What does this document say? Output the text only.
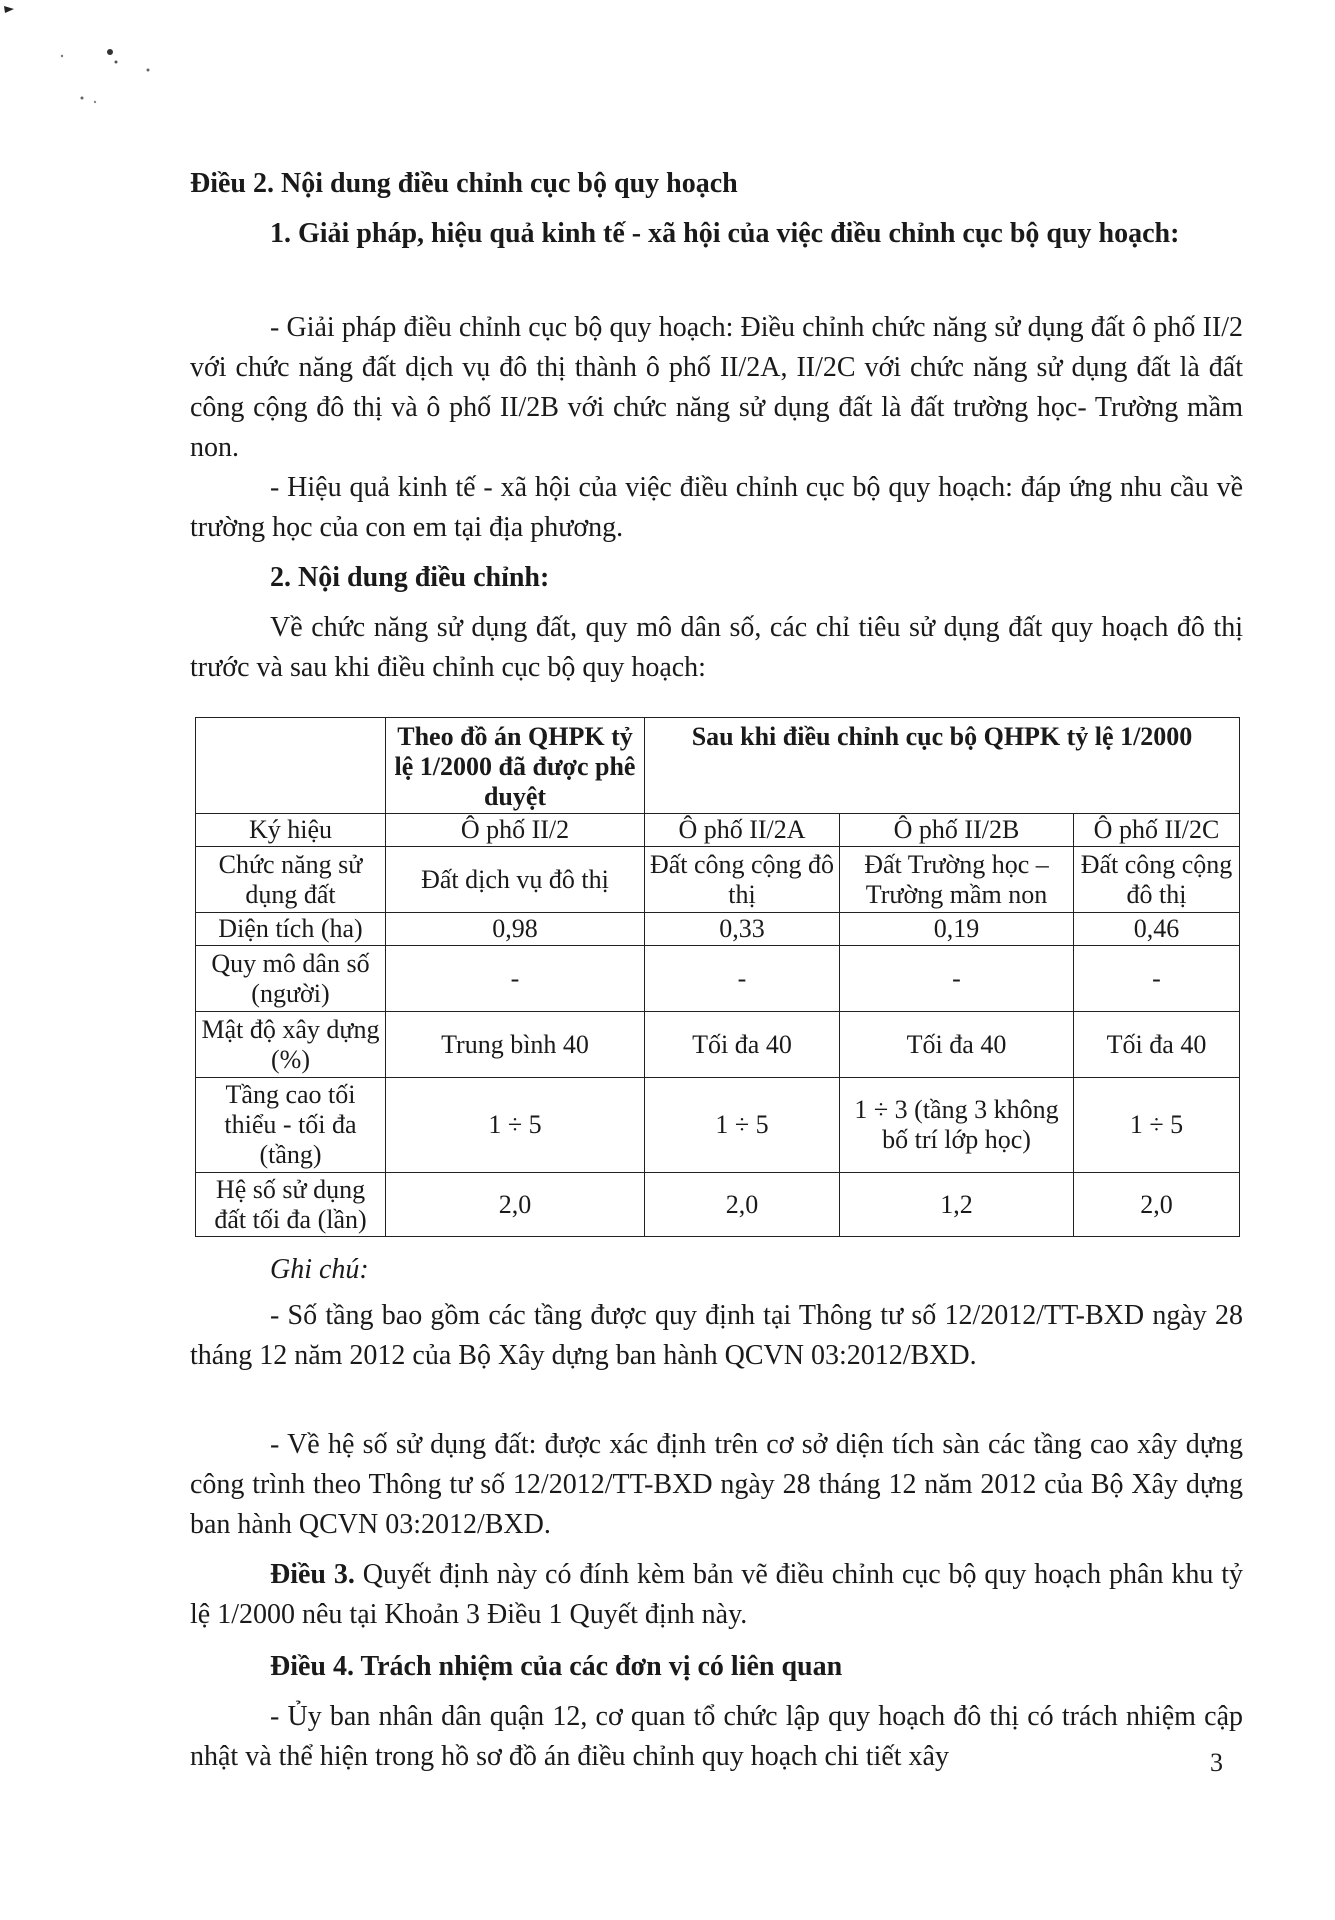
Điều 2. Nội dung điều chỉnh cục bộ quy hoạch
1. Giải pháp, hiệu quả kinh tế - xã hội của việc điều chỉnh cục bộ quy hoạch:
- Giải pháp điều chỉnh cục bộ quy hoạch: Điều chỉnh chức năng sử dụng đất ô phố II/2 với chức năng đất dịch vụ đô thị thành ô phố II/2A, II/2C với chức năng sử dụng đất là đất công cộng đô thị và ô phố II/2B với chức năng sử dụng đất là đất trường học- Trường mầm non.
- Hiệu quả kinh tế - xã hội của việc điều chỉnh cục bộ quy hoạch: đáp ứng nhu cầu về trường học của con em tại địa phương.
2. Nội dung điều chỉnh:
Về chức năng sử dụng đất, quy mô dân số, các chỉ tiêu sử dụng đất quy hoạch đô thị trước và sau khi điều chỉnh cục bộ quy hoạch:
	Theo đồ án QHPK tỷ lệ 1/2000 đã được phê duyệt	Sau khi điều chỉnh cục bộ QHPK tỷ lệ 1/2000		
Ký hiệu	Ô phố II/2	Ô phố II/2A	Ô phố II/2B	Ô phố II/2C
Chức năng sử dụng đất	Đất dịch vụ đô thị	Đất công cộng đô thị	Đất Trường học – Trường mầm non	Đất công cộng đô thị
Diện tích (ha)	0,98	0,33	0,19	0,46
Quy mô dân số (người)	-	-	-	-
Mật độ xây dựng (%)	Trung bình 40	Tối đa 40	Tối đa 40	Tối đa 40
Tầng cao tối thiểu - tối đa (tầng)	1 ÷ 5	1 ÷ 5	1 ÷ 3 (tầng 3 không bố trí lớp học)	1 ÷ 5
Hệ số sử dụng đất tối đa (lần)	2,0	2,0	1,2	2,0
Ghi chú:
- Số tầng bao gồm các tầng được quy định tại Thông tư số 12/2012/TT-BXD ngày 28 tháng 12 năm 2012 của Bộ Xây dựng ban hành QCVN 03:2012/BXD.
- Về hệ số sử dụng đất: được xác định trên cơ sở diện tích sàn các tầng cao xây dựng công trình theo Thông tư số 12/2012/TT-BXD ngày 28 tháng 12 năm 2012 của Bộ Xây dựng ban hành QCVN 03:2012/BXD.
Điều 3. Quyết định này có đính kèm bản vẽ điều chỉnh cục bộ quy hoạch phân khu tỷ lệ 1/2000 nêu tại Khoản 3 Điều 1 Quyết định này.
Điều 4. Trách nhiệm của các đơn vị có liên quan
- Ủy ban nhân dân quận 12, cơ quan tổ chức lập quy hoạch đô thị có trách nhiệm cập nhật và thể hiện trong hồ sơ đồ án điều chỉnh quy hoạch chi tiết xây	3
